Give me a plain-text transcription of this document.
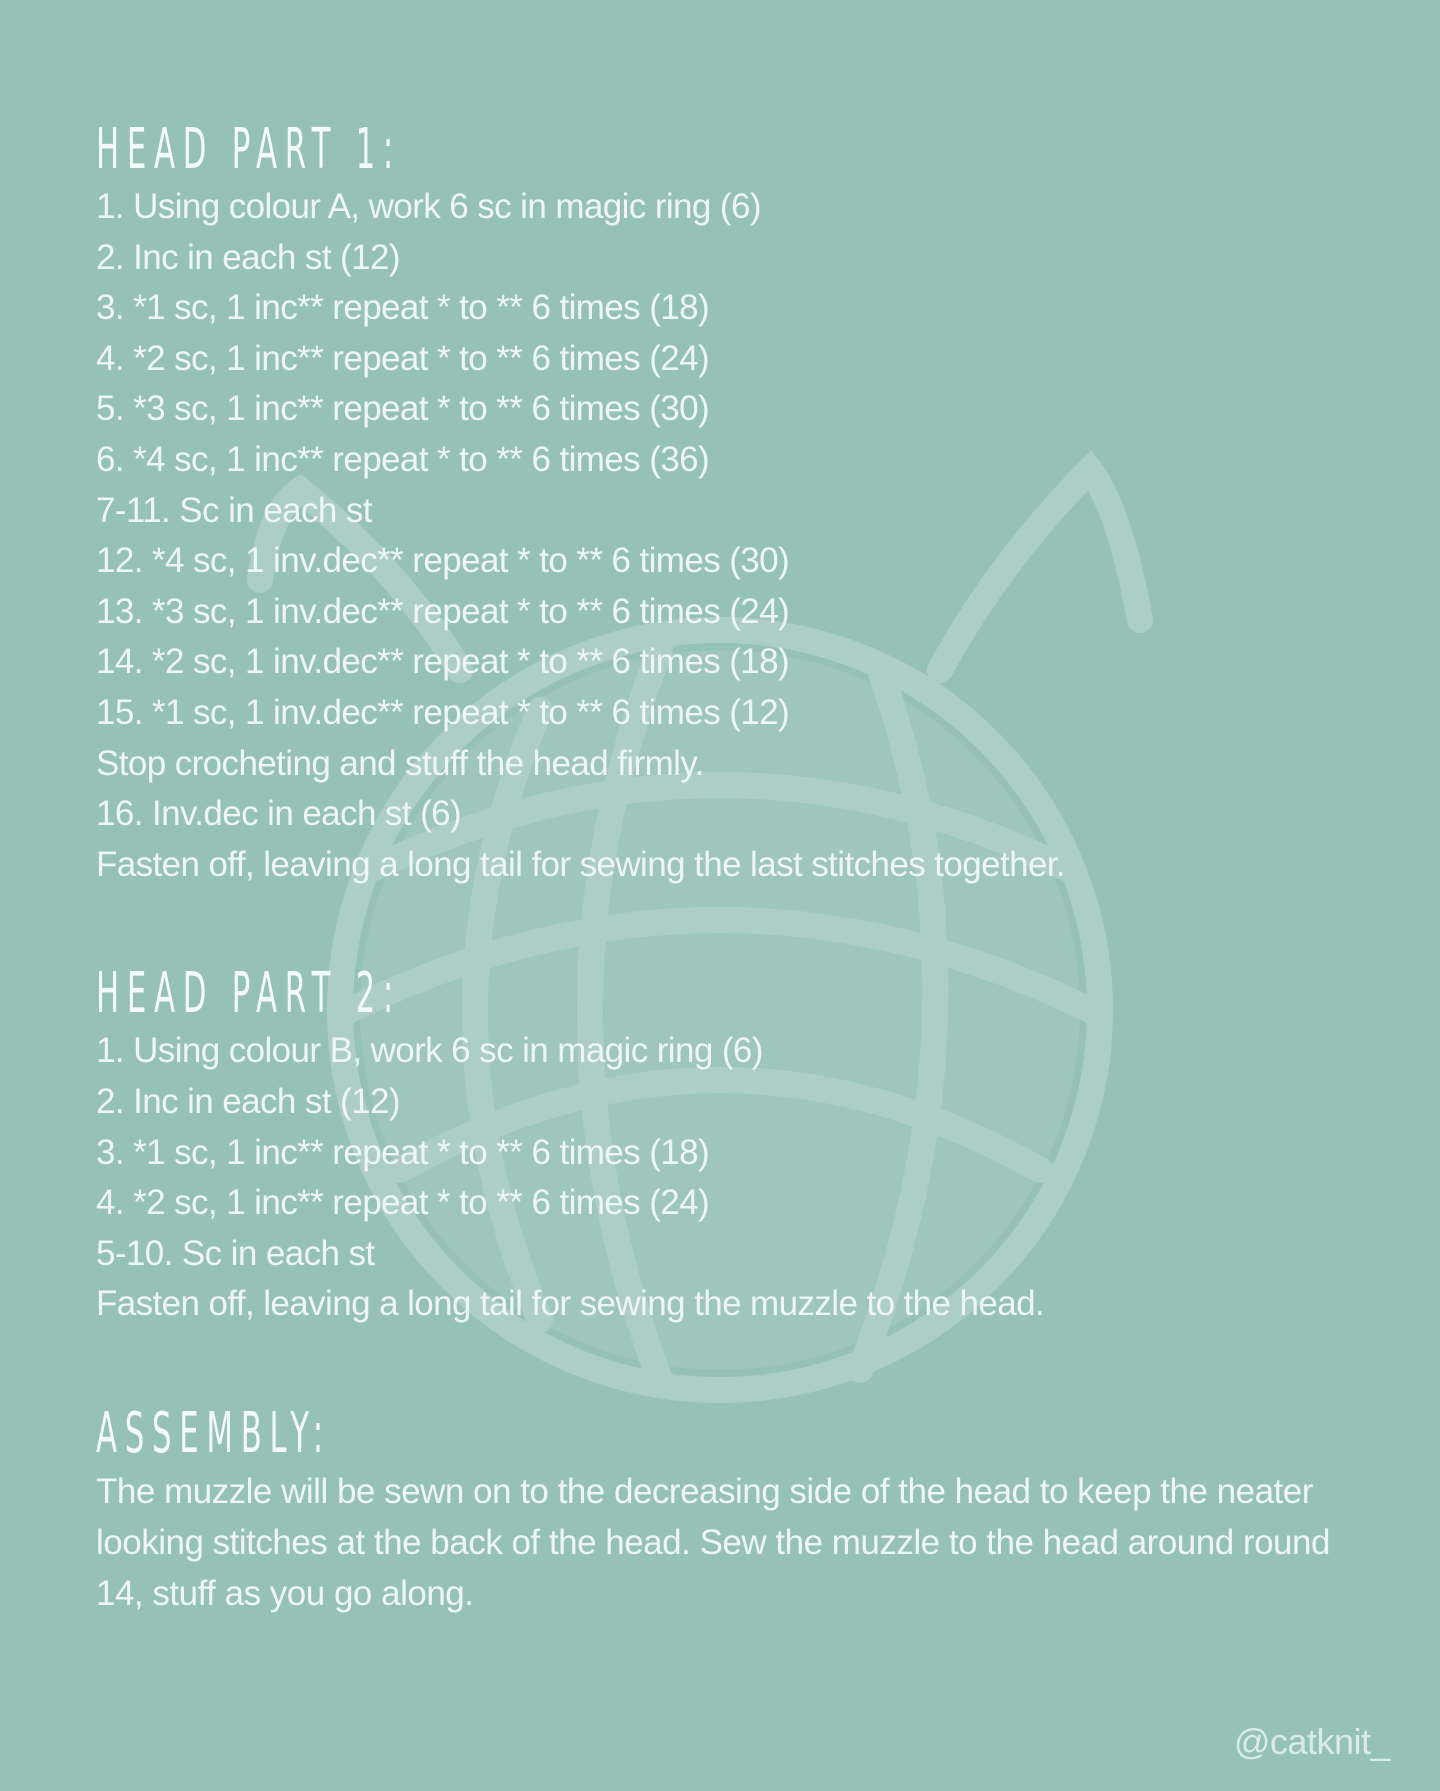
HEAD PART 1:
1. Using colour A, work 6 sc in magic ring (6)
2. Inc in each st (12)
3. *1 sc, 1 inc** repeat * to ** 6 times (18)
4. *2 sc, 1 inc** repeat * to ** 6 times (24)
5. *3 sc, 1 inc** repeat * to ** 6 times (30)
6. *4 sc, 1 inc** repeat * to ** 6 times (36)
7-11. Sc in each st
12. *4 sc, 1 inv.dec** repeat * to ** 6 times (30)
13. *3 sc, 1 inv.dec** repeat * to ** 6 times (24)
14. *2 sc, 1 inv.dec** repeat * to ** 6 times (18)
15. *1 sc, 1 inv.dec** repeat * to ** 6 times (12)
Stop crocheting and stuff the head firmly.
16. Inv.dec in each st (6)
Fasten off, leaving a long tail for sewing the last stitches together.
HEAD PART 2:
1. Using colour B, work 6 sc in magic ring (6)
2. Inc in each st (12)
3. *1 sc, 1 inc** repeat * to ** 6 times (18)
4. *2 sc, 1 inc** repeat * to ** 6 times (24)
5-10. Sc in each st
Fasten off, leaving a long tail for sewing the muzzle to the head.
ASSEMBLY:

The muzzle will be sewn on to the decreasing side of the head to keep the neater looking stitches at the back of the head. Sew the muzzle to the head around round 14, stuff as you go along.

@catknit_
